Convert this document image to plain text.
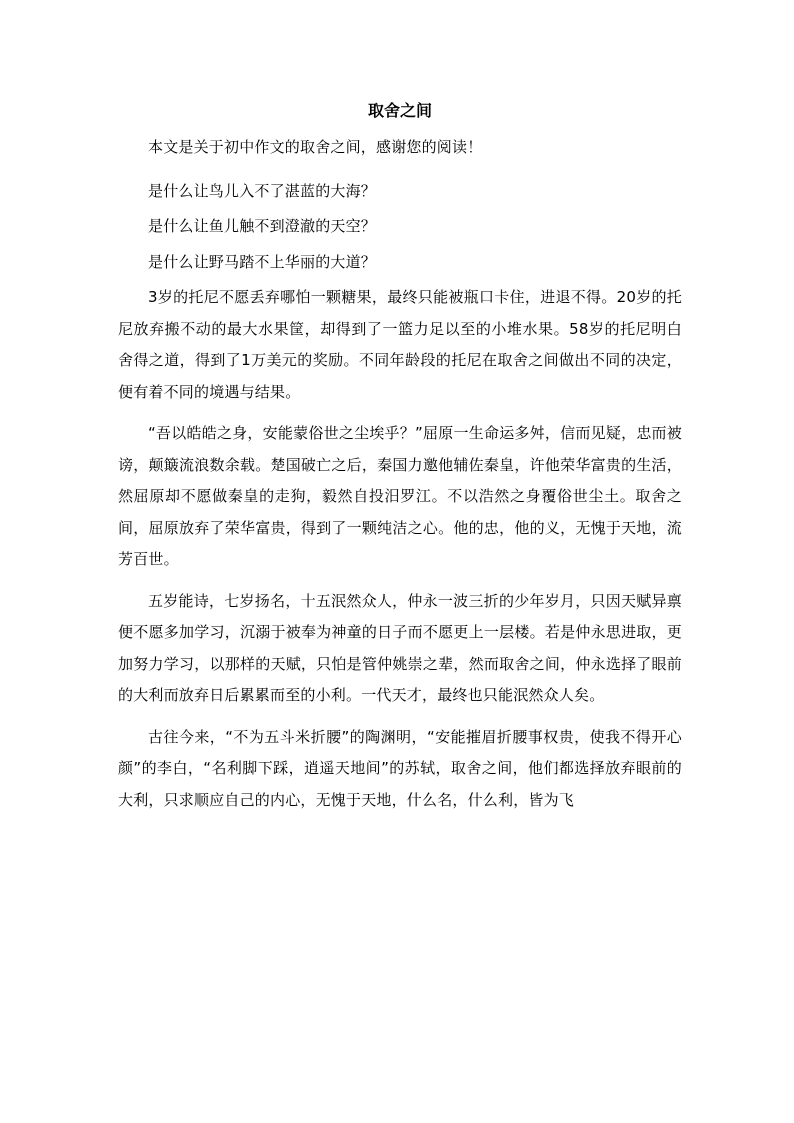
取舍之间

本文是关于初中作文的取舍之间，感谢您的阅读！

是什么让鸟儿入不了湛蓝的大海？

是什么让鱼儿触不到澄澈的天空？

是什么让野马踏不上华丽的大道？

3岁的托尼不愿丢弃哪怕一颗糖果，最终只能被瓶口卡住，进退不得。20岁的托尼放弃搬不动的最大水果筐，却得到了一篮力足以至的小堆水果。58岁的托尼明白舍得之道，得到了1万美元的奖励。不同年龄段的托尼在取舍之间做出不同的决定，便有着不同的境遇与结果。

“吾以皓皓之身，安能蒙俗世之尘埃乎？”屈原一生命运多舛，信而见疑，忠而被谤，颠簸流浪数余载。楚国破亡之后，秦国力邀他辅佐秦皇，许他荣华富贵的生活，然屈原却不愿做秦皇的走狗，毅然自投汨罗江。不以浩然之身覆俗世尘土。取舍之间，屈原放弃了荣华富贵，得到了一颗纯洁之心。他的忠，他的义，无愧于天地，流芳百世。

五岁能诗，七岁扬名，十五泯然众人，仲永一波三折的少年岁月，只因天赋异禀便不愿多加学习，沉溺于被奉为神童的日子而不愿更上一层楼。若是仲永思进取，更加努力学习，以那样的天赋，只怕是管仲姚崇之辈，然而取舍之间，仲永选择了眼前的大利而放弃日后累累而至的小利。一代天才，最终也只能泯然众人矣。

古往今来，“不为五斗米折腰”的陶渊明，“安能摧眉折腰事权贵，使我不得开心颜”的李白，“名利脚下踩，逍遥天地间”的苏轼，取舍之间，他们都选择放弃眼前的大利，只求顺应自己的内心，无愧于天地，什么名，什么利，皆为飞
